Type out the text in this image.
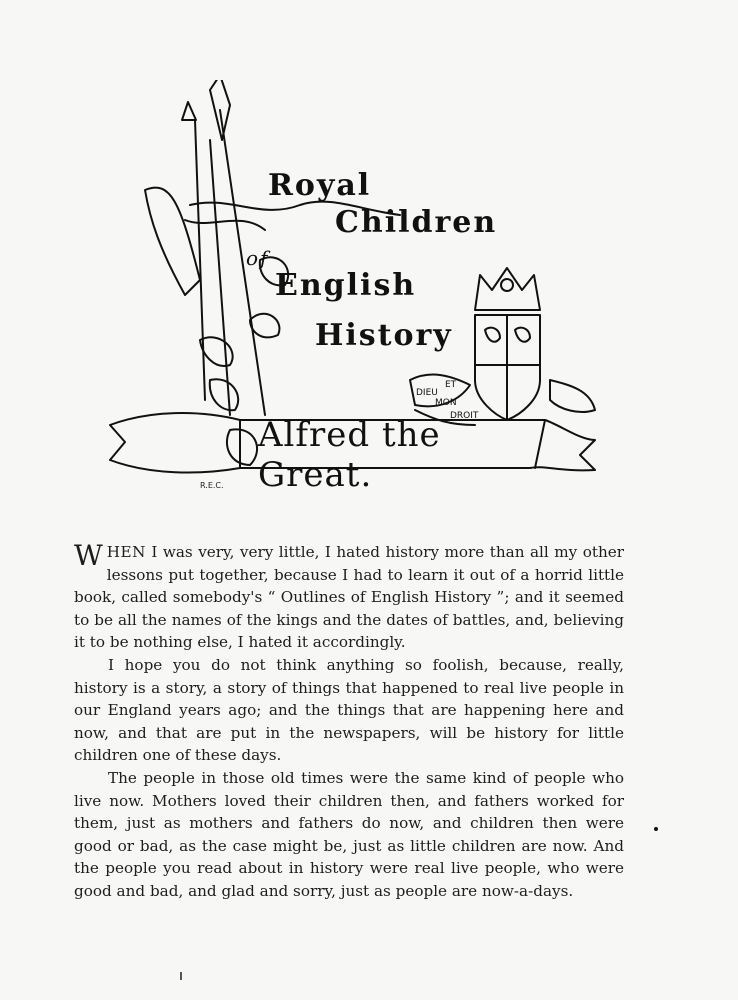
DIEU
ET
MON
DROIT
R.E.C.
Royal
Children
of
English
History
Alfred the Great.

WHEN I was very, very little, I hated history more than all my other lessons put together, because I had to learn it out of a horrid little book, called somebody's “ Outlines of English History ”; and it seemed to be all the names of the kings and the dates of battles, and, believing it to be nothing else, I hated it accordingly.

I hope you do not think anything so foolish, because, really, history is a story, a story of things that happened to real live people in our England years ago; and the things that are happening here and now, and that are put in the newspapers, will be history for little children one of these days.

The people in those old times were the same kind of people who live now. Mothers loved their children then, and fathers worked for them, just as mothers and fathers do now, and children then were good or bad, as the case might be, just as little children are now. And the people you read about in history were real live people, who were good and bad, and glad and sorry, just as people are now-a-days.
